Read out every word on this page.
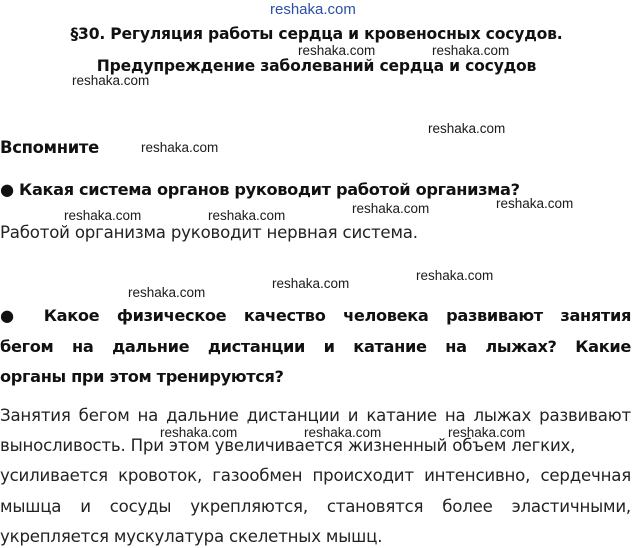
reshaka.com
§30. Регуляция работы сердца и кровеносных сосудов.
Предупреждение заболеваний сердца и сосудов
Вспомните
● Какая система органов руководит работой организма?
Работой организма руководит нервная система.
● Какое физическое качество человека развивают занятия
бегом на дальние дистанции и катание на лыжах? Какие
органы при этом тренируются?
Занятия бегом на дальние дистанции и катание на лыжах развивают
выносливость. При этом увеличивается жизненный объем легких,
усиливается кровоток, газообмен происходит интенсивно, сердечная
мышца и сосуды укрепляются, становятся более эластичными,
укрепляется мускулатура скелетных мышц.
reshaka.com	reshaka.com
reshaka.com
reshaka.com
reshaka.com
reshaka.com	reshaka.com	reshaka.com	reshaka.com
reshaka.com
reshaka.com
reshaka.com
reshaka.com	reshaka.com	reshaka.com
